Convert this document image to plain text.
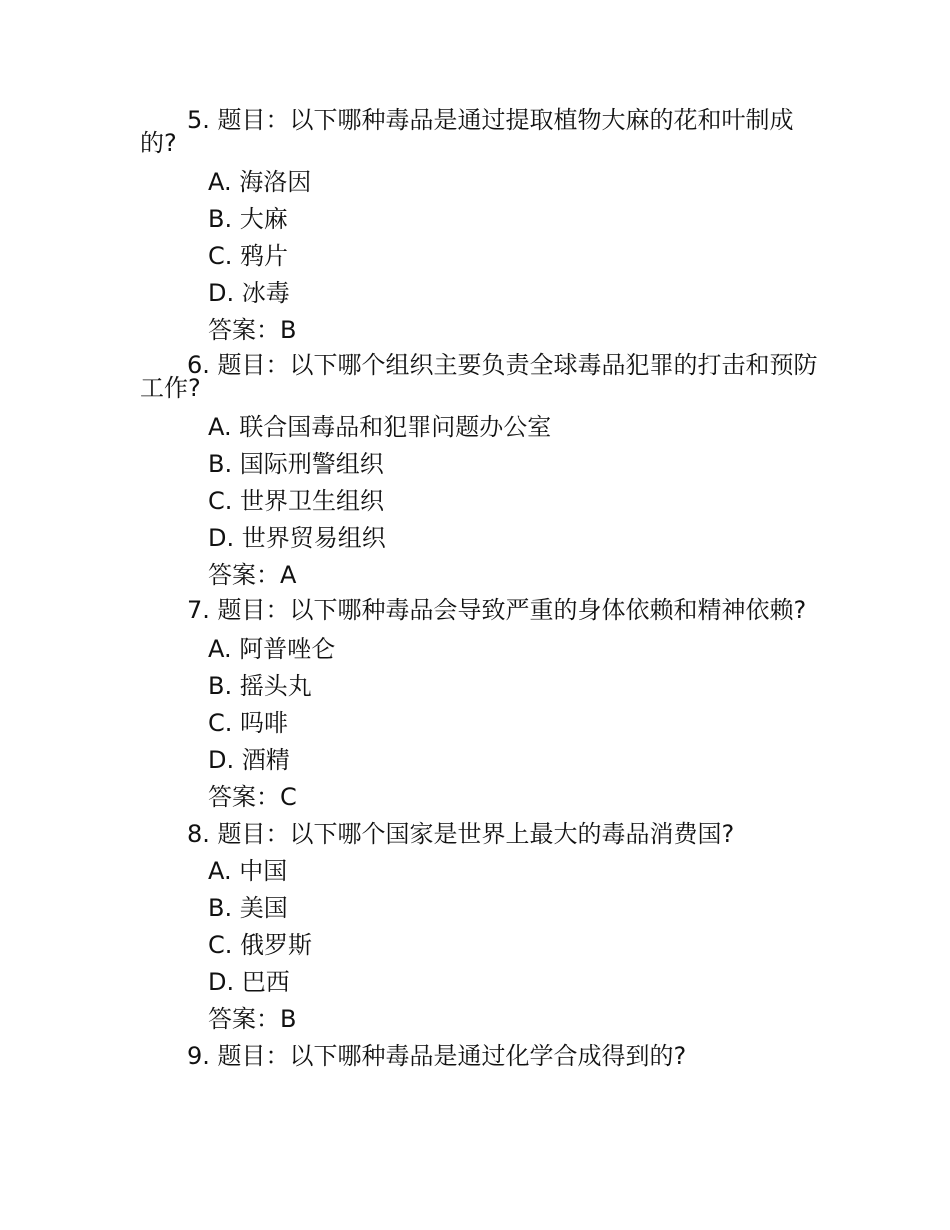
5. 题目：以下哪种毒品是通过提取植物大麻的花和叶制成的?

A. 海洛因
B. 大麻
C. 鸦片
D. 冰毒
答案：B

6. 题目：以下哪个组织主要负责全球毒品犯罪的打击和预防工作?

A. 联合国毒品和犯罪问题办公室
B. 国际刑警组织
C. 世界卫生组织
D. 世界贸易组织
答案：A

7. 题目：以下哪种毒品会导致严重的身体依赖和精神依赖?

A. 阿普唑仑
B. 摇头丸
C. 吗啡
D. 酒精
答案：C

8. 题目：以下哪个国家是世界上最大的毒品消费国?

A. 中国
B. 美国
C. 俄罗斯
D. 巴西
答案：B

9. 题目：以下哪种毒品是通过化学合成得到的?
